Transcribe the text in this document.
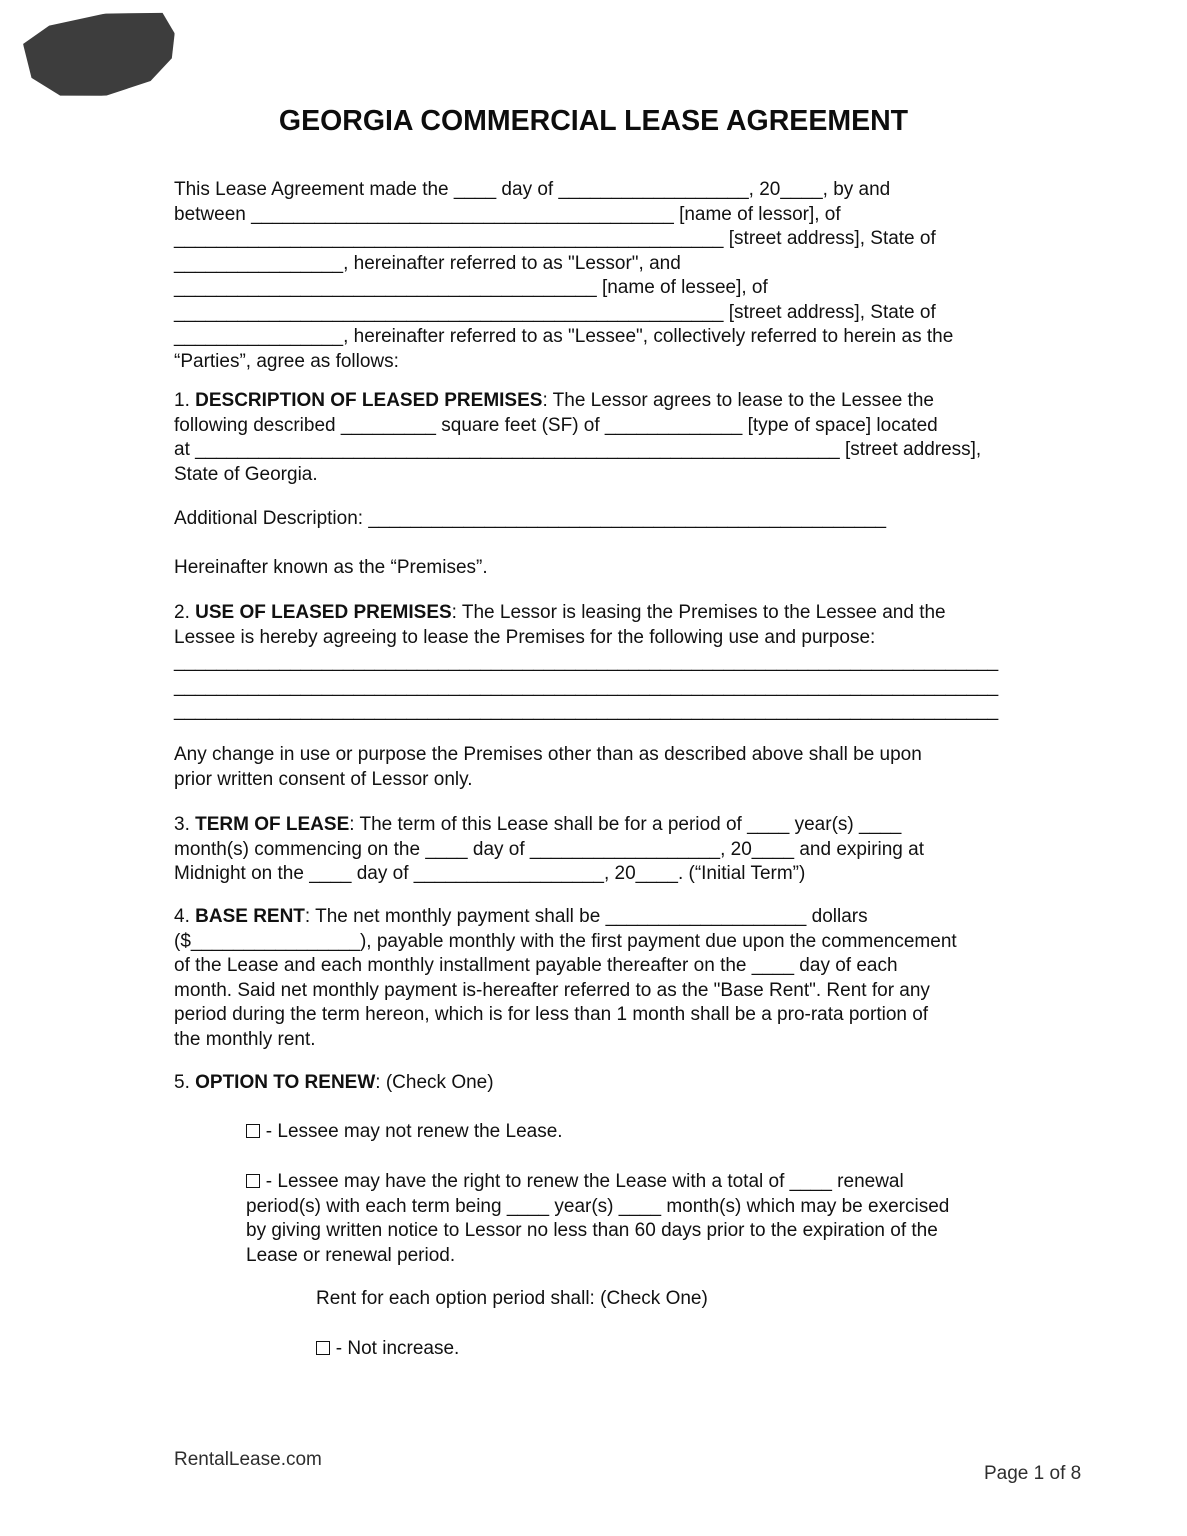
GEORGIA COMMERCIAL LEASE AGREEMENT
This Lease Agreement made the ____ day of __________________, 20____, by and
between ________________________________________ [name of lessor], of
____________________________________________________ [street address], State of
________________, hereinafter referred to as "Lessor", and
________________________________________ [name of lessee], of
____________________________________________________ [street address], State of
________________, hereinafter referred to as "Lessee", collectively referred to herein as the
“Parties”, agree as follows:
1. DESCRIPTION OF LEASED PREMISES: The Lessor agrees to lease to the Lessee the
following described _________ square feet (SF) of _____________ [type of space] located
at _____________________________________________________________ [street address],
State of Georgia.
Additional Description: _________________________________________________
Hereinafter known as the “Premises”.
2. USE OF LEASED PREMISES: The Lessor is leasing the Premises to the Lessee and the
Lessee is hereby agreeing to lease the Premises for the following use and purpose:
______________________________________________________________________________
______________________________________________________________________________
______________________________________________________________________________
Any change in use or purpose the Premises other than as described above shall be upon
prior written consent of Lessor only.
3. TERM OF LEASE: The term of this Lease shall be for a period of ____ year(s) ____
month(s) commencing on the ____ day of __________________, 20____ and expiring at
Midnight on the ____ day of __________________, 20____. (“Initial Term”)
4. BASE RENT: The net monthly payment shall be ___________________ dollars
($________________), payable monthly with the first payment due upon the commencement
of the Lease and each monthly installment payable thereafter on the ____ day of each
month. Said net monthly payment is-hereafter referred to as the "Base Rent". Rent for any
period during the term hereon, which is for less than 1 month shall be a pro-rata portion of
the monthly rent.
5. OPTION TO RENEW: (Check One)
- Lessee may not renew the Lease.
- Lessee may have the right to renew the Lease with a total of ____ renewal
period(s) with each term being ____ year(s) ____ month(s) which may be exercised
by giving written notice to Lessor no less than 60 days prior to the expiration of the
Lease or renewal period.
Rent for each option period shall: (Check One)
- Not increase.
RentalLease.com
Page 1 of 8
